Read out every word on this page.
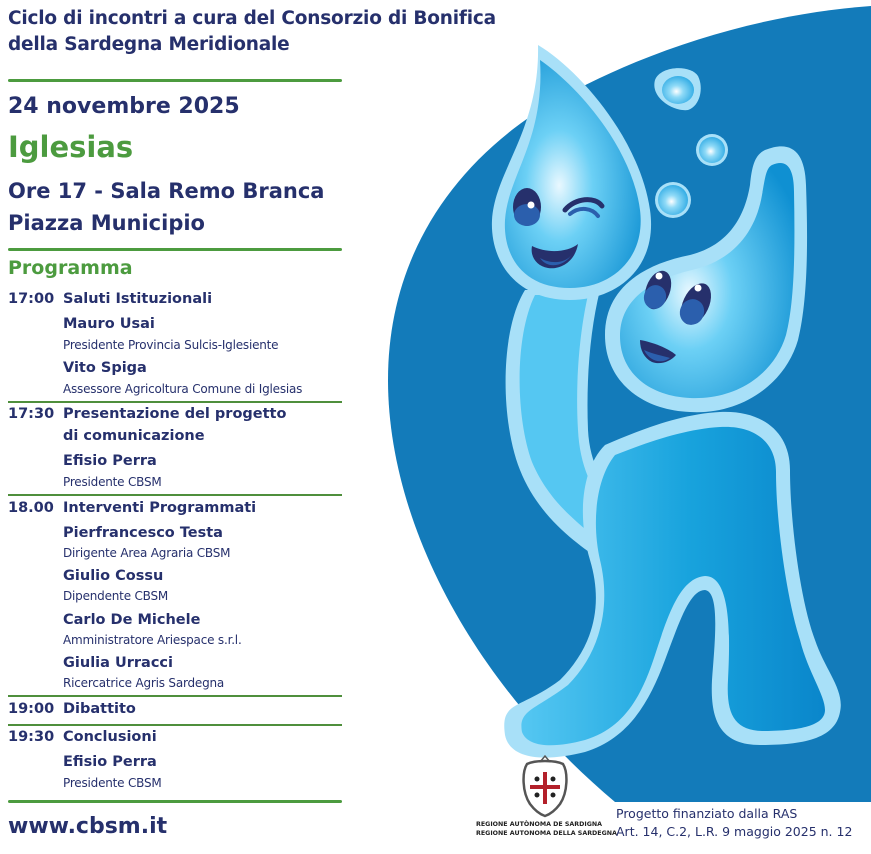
Ciclo di incontri a cura del Consorzio di Bonifica
della Sardegna Meridionale
24 novembre 2025
Iglesias
Ore 17 - Sala Remo Branca
Piazza Municipio
Programma
17:00 Saluti Istituzionali
Mauro Usai
Presidente Provincia Sulcis-Iglesiente
Vito Spiga
Assessore Agricoltura Comune di Iglesias
17:30 Presentazione del progetto
di comunicazione
Efisio Perra
Presidente CBSM
18.00 Interventi Programmati
Pierfrancesco Testa
Dirigente Area Agraria CBSM
Giulio Cossu
Dipendente CBSM
Carlo De Michele
Amministratore Ariespace s.r.l.
Giulia Urracci
Ricercatrice Agris Sardegna
19:00 Dibattito
19:30 Conclusioni
Efisio Perra
Presidente CBSM
www.cbsm.it	REGIONE AUTÒNOMA DE SARDIGNA
REGIONE AUTONOMA DELLA SARDEGNA
Progetto finanziato dalla RAS
Art. 14, C.2, L.R. 9 maggio 2025 n. 12
